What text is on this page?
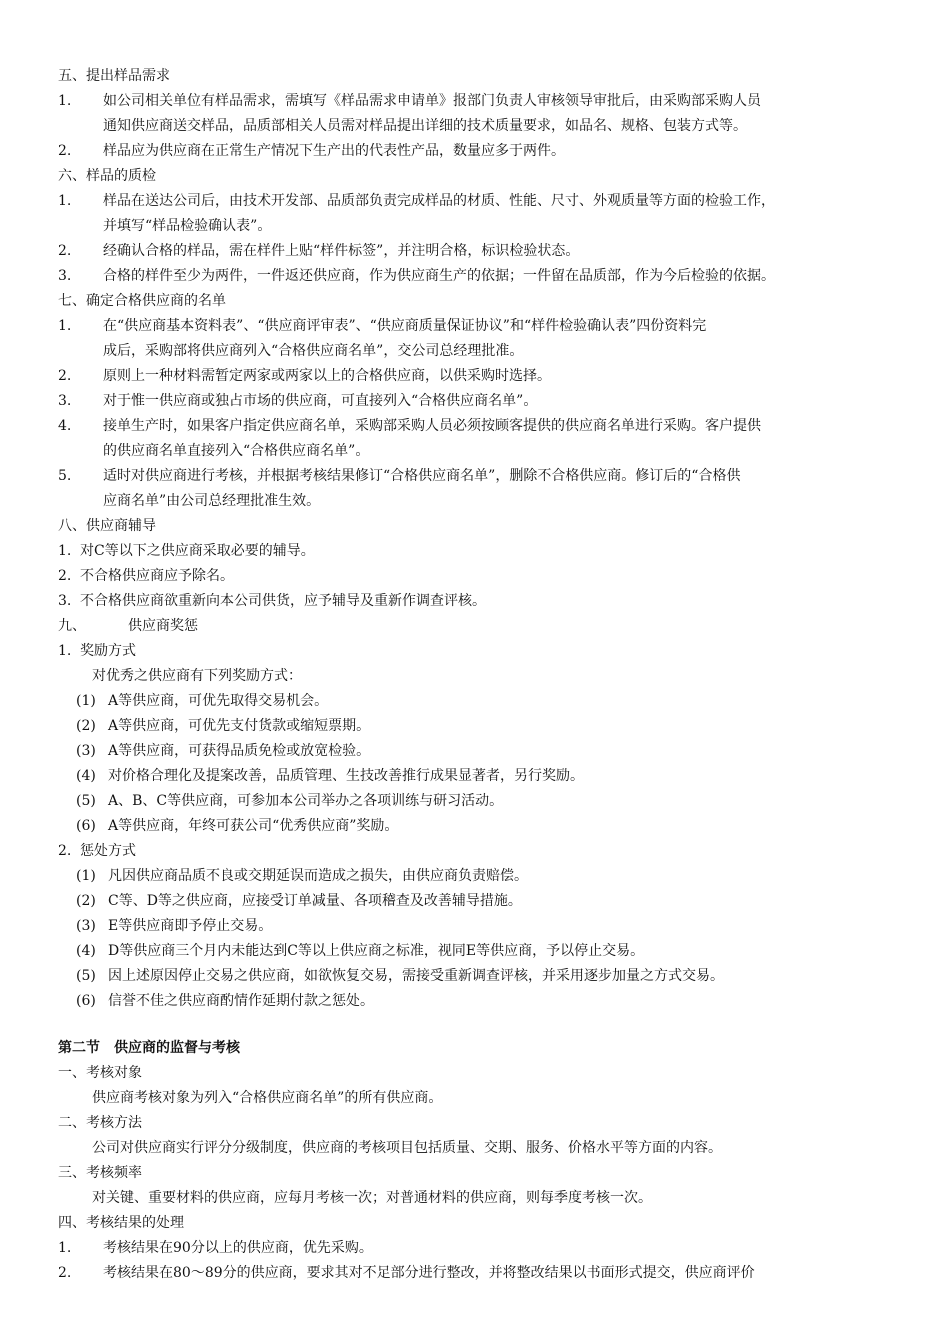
五、提出样品需求
1. 如公司相关单位有样品需求，需填写《样品需求申请单》报部门负责人审核领导审批后，由采购部采购人员
通知供应商送交样品，品质部相关人员需对样品提出详细的技术质量要求，如品名、规格、包装方式等。
2. 样品应为供应商在正常生产情况下生产出的代表性产品，数量应多于两件。
六、样品的质检
1. 样品在送达公司后，由技术开发部、品质部负责完成样品的材质、性能、尺寸、外观质量等方面的检验工作，
并填写“样品检验确认表”。
2. 经确认合格的样品，需在样件上贴“样件标签”，并注明合格，标识检验状态。
3. 合格的样件至少为两件，一件返还供应商，作为供应商生产的依据；一件留在品质部，作为今后检验的依据。
七、确定合格供应商的名单
1. 在“供应商基本资料表”、“供应商评审表”、“供应商质量保证协议”和“样件检验确认表”四份资料完
成后，采购部将供应商列入“合格供应商名单”，交公司总经理批准。
2. 原则上一种材料需暂定两家或两家以上的合格供应商，以供采购时选择。
3. 对于惟一供应商或独占市场的供应商，可直接列入“合格供应商名单”。
4. 接单生产时，如果客户指定供应商名单，采购部采购人员必须按顾客提供的供应商名单进行采购。客户提供
的供应商名单直接列入“合格供应商名单”。
5. 适时对供应商进行考核，并根据考核结果修订“合格供应商名单”，删除不合格供应商。修订后的“合格供
应商名单”由公司总经理批准生效。
八、供应商辅导
1. 对C等以下之供应商采取必要的辅导。
2. 不合格供应商应予除名。
3. 不合格供应商欲重新向本公司供货，应予辅导及重新作调查评核。
九、	供应商奖惩
1. 奖励方式
对优秀之供应商有下列奖励方式：
(1) A等供应商，可优先取得交易机会。
(2) A等供应商，可优先支付货款或缩短票期。
(3) A等供应商，可获得品质免检或放宽检验。
(4) 对价格合理化及提案改善，品质管理、生技改善推行成果显著者，另行奖励。
(5) A、B、C等供应商，可参加本公司举办之各项训练与研习活动。
(6) A等供应商，年终可获公司“优秀供应商”奖励。
2. 惩处方式
(1) 凡因供应商品质不良或交期延误而造成之损失，由供应商负责赔偿。
(2) C等、D等之供应商，应接受订单减量、各项稽查及改善辅导措施。
(3) E等供应商即予停止交易。
(4) D等供应商三个月内未能达到C等以上供应商之标准，视同E等供应商，予以停止交易。
(5) 因上述原因停止交易之供应商，如欲恢复交易，需接受重新调查评核，并采用逐步加量之方式交易。
(6) 信誉不佳之供应商酌情作延期付款之惩处。
第二节　供应商的监督与考核
一、考核对象
供应商考核对象为列入“合格供应商名单”的所有供应商。
二、考核方法
公司对供应商实行评分分级制度，供应商的考核项目包括质量、交期、服务、价格水平等方面的内容。
三、考核频率
对关键、重要材料的供应商，应每月考核一次；对普通材料的供应商，则每季度考核一次。
四、考核结果的处理
1. 考核结果在90分以上的供应商，优先采购。
2. 考核结果在80～89分的供应商，要求其对不足部分进行整改，并将整改结果以书面形式提交，供应商评价
